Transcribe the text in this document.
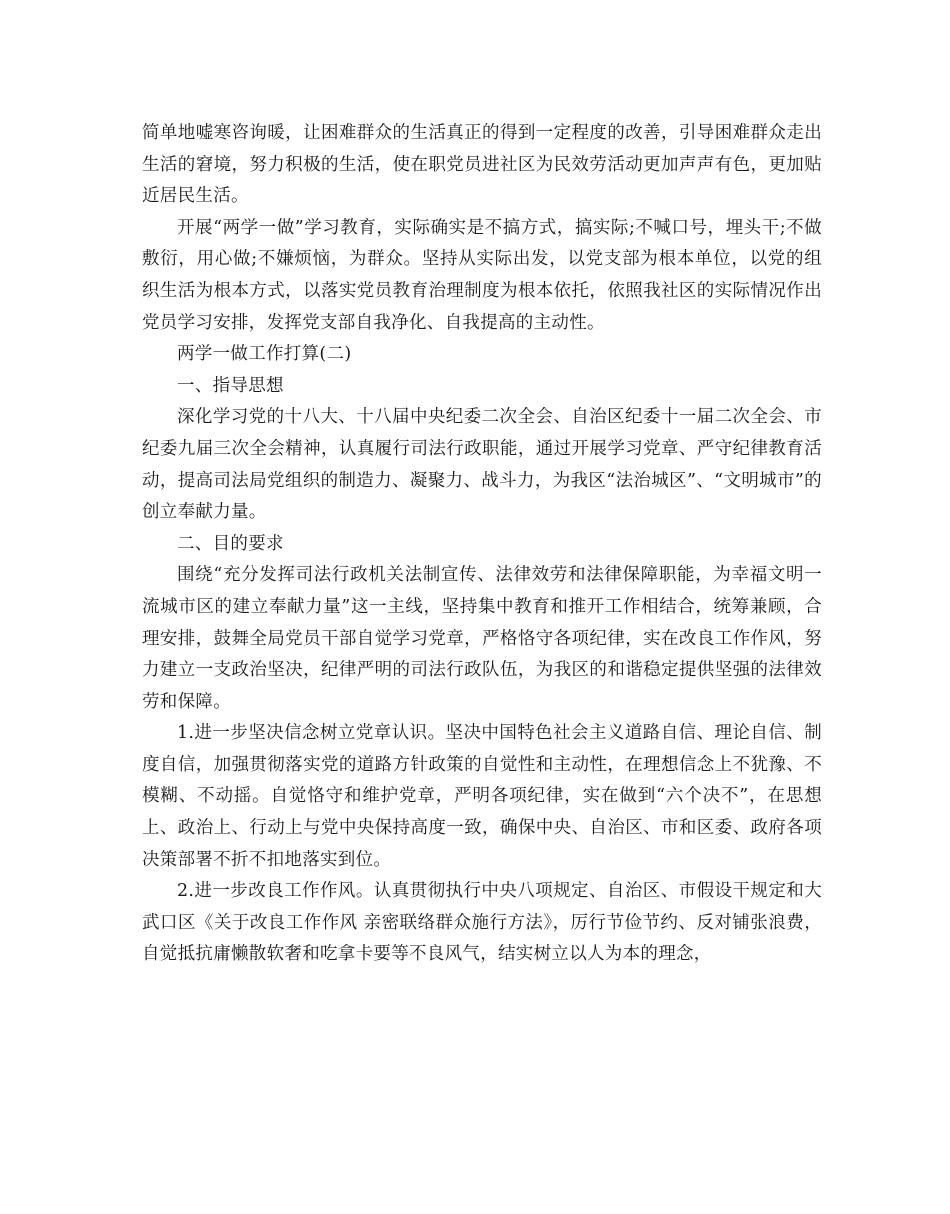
简单地嘘寒咨询暖，让困难群众的生活真正的得到一定程度的改善，引导困难群众走出生活的窘境，努力积极的生活，使在职党员进社区为民效劳活动更加声声有色，更加贴近居民生活。

开展“两学一做”学习教育，实际确实是不搞方式，搞实际;不喊口号，埋头干;不做敷衍，用心做;不嫌烦恼，为群众。坚持从实际出发，以党支部为根本单位，以党的组织生活为根本方式，以落实党员教育治理制度为根本依托，依照我社区的实际情况作出党员学习安排，发挥党支部自我净化、自我提高的主动性。

两学一做工作打算(二)

一、指导思想

深化学习党的十八大、十八届中央纪委二次全会、自治区纪委十一届二次全会、市纪委九届三次全会精神，认真履行司法行政职能，通过开展学习党章、严守纪律教育活动，提高司法局党组织的制造力、凝聚力、战斗力，为我区“法治城区”、“文明城市”的创立奉献力量。

二、目的要求

围绕“充分发挥司法行政机关法制宣传、法律效劳和法律保障职能，为幸福文明一流城市区的建立奉献力量”这一主线，坚持集中教育和推开工作相结合，统筹兼顾，合理安排，鼓舞全局党员干部自觉学习党章，严格恪守各项纪律，实在改良工作作风，努力建立一支政治坚决，纪律严明的司法行政队伍，为我区的和谐稳定提供坚强的法律效劳和保障。

1.进一步坚决信念树立党章认识。坚决中国特色社会主义道路自信、理论自信、制度自信，加强贯彻落实党的道路方针政策的自觉性和主动性，在理想信念上不犹豫、不模糊、不动摇。自觉恪守和维护党章，严明各项纪律，实在做到“六个决不”，在思想上、政治上、行动上与党中央保持高度一致，确保中央、自治区、市和区委、政府各项决策部署不折不扣地落实到位。

2.进一步改良工作作风。认真贯彻执行中央八项规定、自治区、市假设干规定和大武口区《关于改良工作作风 亲密联络群众施行方法》，厉行节俭节约、反对铺张浪费，自觉抵抗庸懒散软奢和吃拿卡要等不良风气，结实树立以人为本的理念，
